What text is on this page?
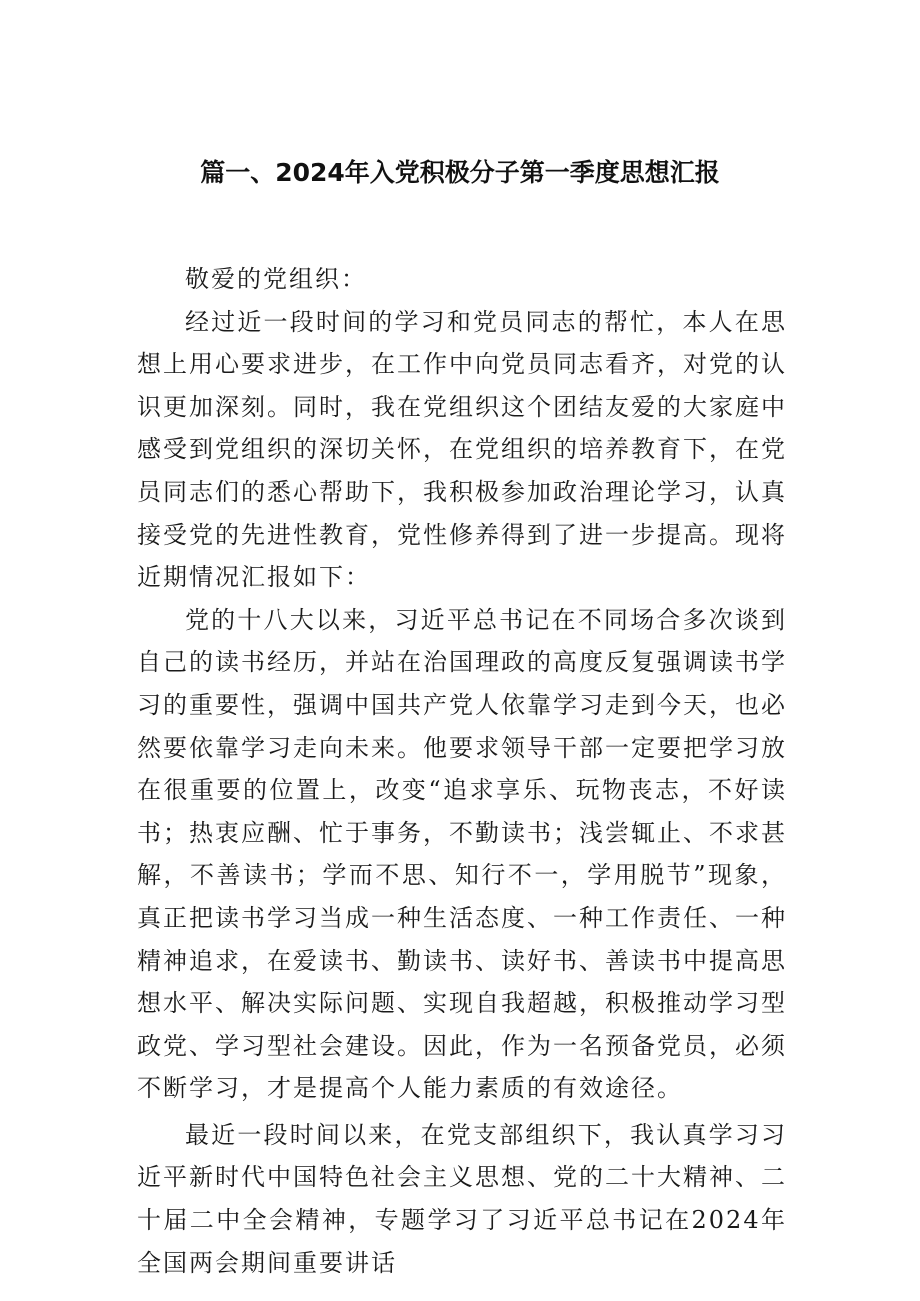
篇一、2024年入党积极分子第一季度思想汇报

敬爱的党组织：

经过近一段时间的学习和党员同志的帮忙，本人在思想上用心要求进步，在工作中向党员同志看齐，对党的认识更加深刻。同时，我在党组织这个团结友爱的大家庭中感受到党组织的深切关怀，在党组织的培养教育下，在党员同志们的悉心帮助下，我积极参加政治理论学习，认真接受党的先进性教育，党性修养得到了进一步提高。现将近期情况汇报如下：

党的十八大以来，习近平总书记在不同场合多次谈到自己的读书经历，并站在治国理政的高度反复强调读书学习的重要性，强调中国共产党人依靠学习走到今天，也必然要依靠学习走向未来。他要求领导干部一定要把学习放在很重要的位置上，改变“追求享乐、玩物丧志，不好读书；热衷应酬、忙于事务，不勤读书；浅尝辄止、不求甚解，不善读书；学而不思、知行不一，学用脱节”现象，真正把读书学习当成一种生活态度、一种工作责任、一种精神追求，在爱读书、勤读书、读好书、善读书中提高思想水平、解决实际问题、实现自我超越，积极推动学习型政党、学习型社会建设。因此，作为一名预备党员，必须不断学习，才是提高个人能力素质的有效途径。

最近一段时间以来，在党支部组织下，我认真学习习近平新时代中国特色社会主义思想、党的二十大精神、二十届二中全会精神，专题学习了习近平总书记在2024年全国两会期间重要讲话
